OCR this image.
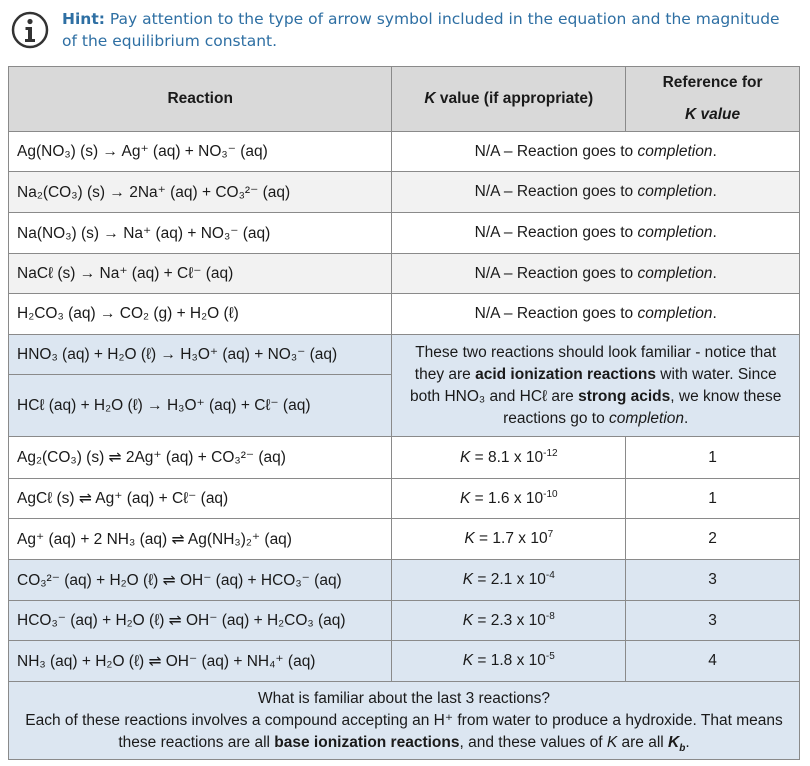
Hint: Pay attention to the type of arrow symbol included in the equation and the magnitude of the equilibrium constant.
Reaction	K value (if appropriate)	Reference for
K value
Ag(NO₃) (s) → Ag⁺ (aq) + NO₃⁻ (aq)	N/A – Reaction goes to completion.	
Na₂(CO₃) (s) → 2Na⁺ (aq) + CO₃²⁻ (aq)	N/A – Reaction goes to completion.	
Na(NO₃) (s) → Na⁺ (aq) + NO₃⁻ (aq)	N/A – Reaction goes to completion.	
NaCℓ (s) → Na⁺ (aq) + Cℓ⁻ (aq)	N/A – Reaction goes to completion.	
H₂CO₃ (aq) → CO₂ (g) + H₂O (ℓ)	N/A – Reaction goes to completion.	
HNO₃ (aq) + H₂O (ℓ) → H₃O⁺ (aq) + NO₃⁻ (aq)	These two reactions should look familiar - notice that they are acid ionization reactions with water. Since both HNO₃ and HCℓ are strong acids, we know these reactions go to completion.	
HCℓ (aq) + H₂O (ℓ) → H₃O⁺ (aq) + Cℓ⁻ (aq)		
Ag₂(CO₃) (s) ⇌ 2Ag⁺ (aq) + CO₃²⁻ (aq)	K = 8.1 x $10^{-12}$	1
AgCℓ (s) ⇌ Ag⁺ (aq) + Cℓ⁻ (aq)	K = 1.6 x $10^{-10}$	1
Ag⁺ (aq) + 2 NH₃ (aq) ⇌ Ag(NH₃)₂⁺ (aq)	K = 1.7 x $10^7$	2
CO₃²⁻ (aq) + H₂O (ℓ) ⇌ OH⁻ (aq) + HCO₃⁻ (aq)	K = 2.1 x $10^{-4}$	3
HCO₃⁻ (aq) + H₂O (ℓ) ⇌ OH⁻ (aq) + H₂CO₃ (aq)	K = 2.3 x $10^{-8}$	3
NH₃ (aq) + H₂O (ℓ) ⇌ OH⁻ (aq) + NH₄⁺ (aq)	K = 1.8 x $10^{-5}$	4
What is familiar about the last 3 reactions?
Each of these reactions involves a compound accepting an H⁺ from water to produce a hydroxide. That means these reactions are all base ionization reactions, and these values of K are all $K_b$.		
